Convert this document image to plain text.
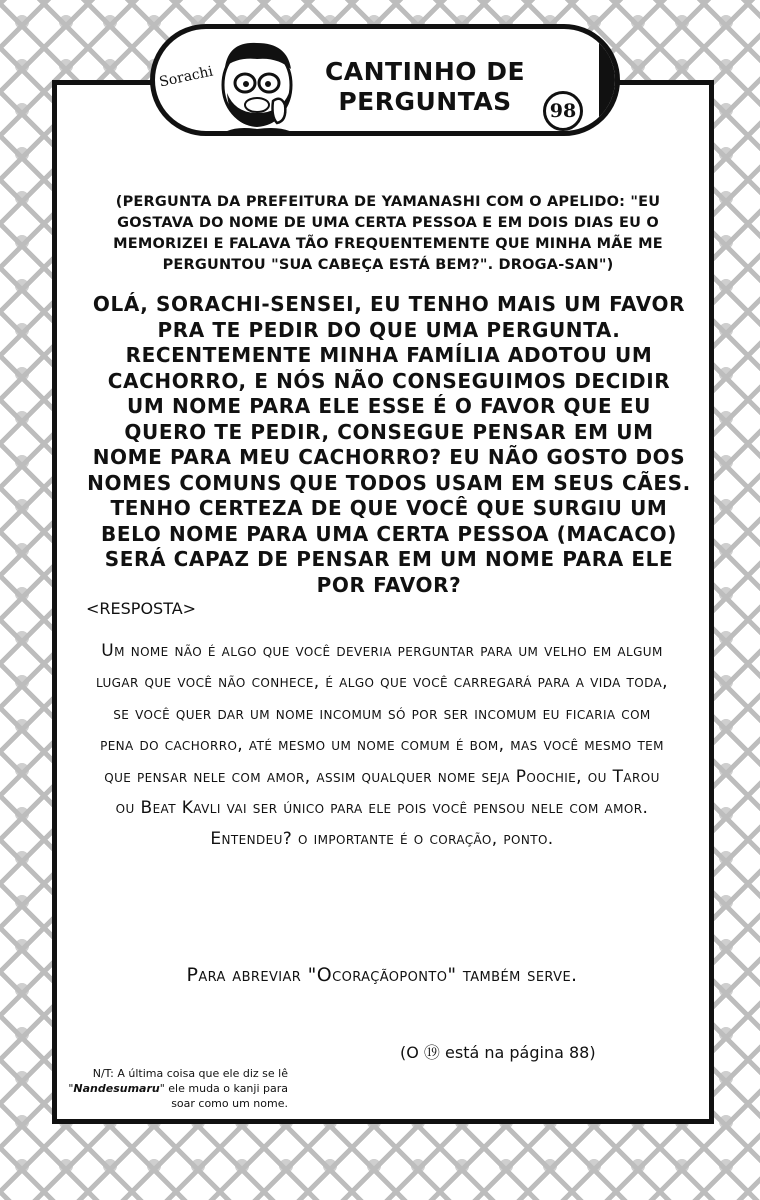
Sorachi	CANTINHO DE
PERGUNTAS	98
(PERGUNTA DA PREFEITURA DE YAMANASHI COM O APELIDO: "EU GOSTAVA DO NOME DE UMA CERTA PESSOA E EM DOIS DIAS EU O MEMORIZEI E FALAVA TÃO FREQUENTEMENTE QUE MINHA MÃE ME PERGUNTOU "SUA CABEÇA ESTÁ BEM?". DROGA-SAN")
OLÁ, SORACHI-SENSEI, EU TENHO MAIS UM FAVOR PRA TE PEDIR DO QUE UMA PERGUNTA. RECENTEMENTE MINHA FAMÍLIA ADOTOU UM CACHORRO, E NÓS NÃO CONSEGUIMOS DECIDIR UM NOME PARA ELE ESSE É O FAVOR QUE EU QUERO TE PEDIR, CONSEGUE PENSAR EM UM NOME PARA MEU CACHORRO? EU NÃO GOSTO DOS NOMES COMUNS QUE TODOS USAM EM SEUS CÃES. TENHO CERTEZA DE QUE VOCÊ QUE SURGIU UM BELO NOME PARA UMA CERTA PESSOA (MACACO) SERÁ CAPAZ DE PENSAR EM UM NOME PARA ELE POR FAVOR?
<RESPOSTA>
Um nome não é algo que você deveria perguntar para um velho em algum lugar que você não conhece, é algo que você carregará para a vida toda, se você quer dar um nome incomum só por ser incomum eu ficaria com pena do cachorro, até mesmo um nome comum é bom, mas você mesmo tem que pensar nele com amor, assim qualquer nome seja Poochie, ou Tarou ou Beat Kavli vai ser único para ele pois você pensou nele com amor. Entendeu? o importante é o coração, ponto.
Para abreviar "Ocoraçãoponto" também serve.
(O ⑲ está na página 88)
N/T: A última coisa que ele diz se lê "Nandesumaru" ele muda o kanji para soar como um nome.
